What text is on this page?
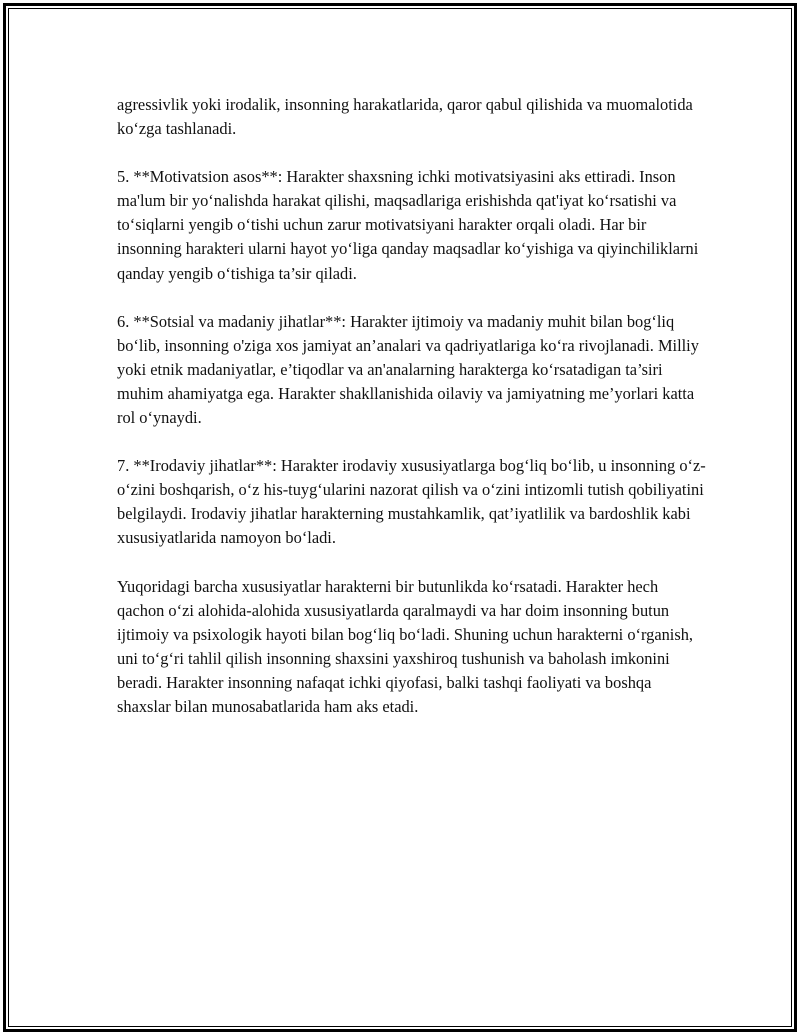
agressivlik yoki irodalik, insonning harakatlarida, qaror qabul qilishida va muomalotida ko‘zga tashlanadi.

5. **Motivatsion asos**: Harakter shaxsning ichki motivatsiyasini aks ettiradi. Inson ma'lum bir yo‘nalishda harakat qilishi, maqsadlariga erishishda qat'iyat ko‘rsatishi va to‘siqlarni yengib o‘tishi uchun zarur motivatsiyani harakter orqali oladi. Har bir insonning harakteri ularni hayot yo‘liga qanday maqsadlar ko‘yishiga va qiyinchiliklarni qanday yengib o‘tishiga ta’sir qiladi.

6. **Sotsial va madaniy jihatlar**: Harakter ijtimoiy va madaniy muhit bilan bog‘liq bo‘lib, insonning o'ziga xos jamiyat an’analari va qadriyatlariga ko‘ra rivojlanadi. Milliy yoki etnik madaniyatlar, e’tiqodlar va an'analarning harakterga ko‘rsatadigan ta’siri muhim ahamiyatga ega. Harakter shakllanishida oilaviy va jamiyatning me’yorlari katta rol o‘ynaydi.

7. **Irodaviy jihatlar**: Harakter irodaviy xususiyatlarga bog‘liq bo‘lib, u insonning o‘z-o‘zini boshqarish, o‘z his-tuyg‘ularini nazorat qilish va o‘zini intizomli tutish qobiliyatini belgilaydi. Irodaviy jihatlar harakterning mustahkamlik, qat’iyatlilik va bardoshlik kabi xususiyatlarida namoyon bo‘ladi.

Yuqoridagi barcha xususiyatlar harakterni bir butunlikda ko‘rsatadi. Harakter hech qachon o‘zi alohida-alohida xususiyatlarda qaralmaydi va har doim insonning butun ijtimoiy va psixologik hayoti bilan bog‘liq bo‘ladi. Shuning uchun harakterni o‘rganish, uni to‘g‘ri tahlil qilish insonning shaxsini yaxshiroq tushunish va baholash imkonini beradi. Harakter insonning nafaqat ichki qiyofasi, balki tashqi faoliyati va boshqa shaxslar bilan munosabatlarida ham aks etadi.
